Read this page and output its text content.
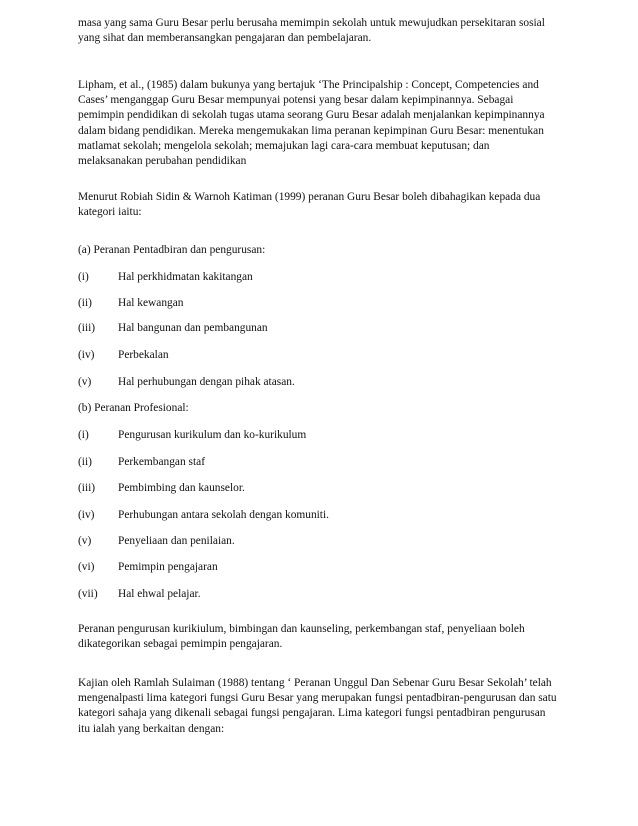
masa yang sama Guru Besar perlu berusaha memimpin sekolah untuk mewujudkan persekitaran sosial
yang sihat dan memberansangkan pengajaran dan pembelajaran.
Lipham, et al., (1985) dalam bukunya yang bertajuk ‘The Principalship : Concept, Competencies and
Cases’ menganggap Guru Besar mempunyai potensi yang besar dalam kepimpinannya. Sebagai
pemimpin pendidikan di sekolah tugas utama seorang Guru Besar adalah menjalankan kepimpinannya
dalam bidang pendidikan. Mereka mengemukakan lima peranan kepimpinan Guru Besar: menentukan
matlamat sekolah; mengelola sekolah; memajukan lagi cara-cara membuat keputusan; dan
melaksanakan perubahan pendidikan
Menurut Robiah Sidin & Warnoh Katiman (1999) peranan Guru Besar boleh dibahagikan kepada dua
kategori iaitu:
(a) Peranan Pentadbiran dan pengurusan:
(i)	Hal perkhidmatan kakitangan
(ii) Hal kewangan
(iii) Hal bangunan dan pembangunan
(iv) Perbekalan
(v) Hal perhubungan dengan pihak atasan.
(b) Peranan Profesional:
(i)	Pengurusan kurikulum dan ko-kurikulum
(ii) Perkembangan staf
(iii) Pembimbing dan kaunselor.
(iv) Perhubungan antara sekolah dengan komuniti.
(v) Penyeliaan dan penilaian.
(vi) Pemimpin pengajaran
(vii) Hal ehwal pelajar.
Peranan pengurusan kurikiulum, bimbingan dan kaunseling, perkembangan staf, penyeliaan boleh
dikategorikan sebagai pemimpin pengajaran.
Kajian oleh Ramlah Sulaiman (1988) tentang ‘ Peranan Unggul Dan Sebenar Guru Besar Sekolah’ telah
mengenalpasti lima kategori fungsi Guru Besar yang merupakan fungsi pentadbiran-pengurusan dan satu
kategori sahaja yang dikenali sebagai fungsi pengajaran. Lima kategori fungsi pentadbiran pengurusan
itu ialah yang berkaitan dengan:
